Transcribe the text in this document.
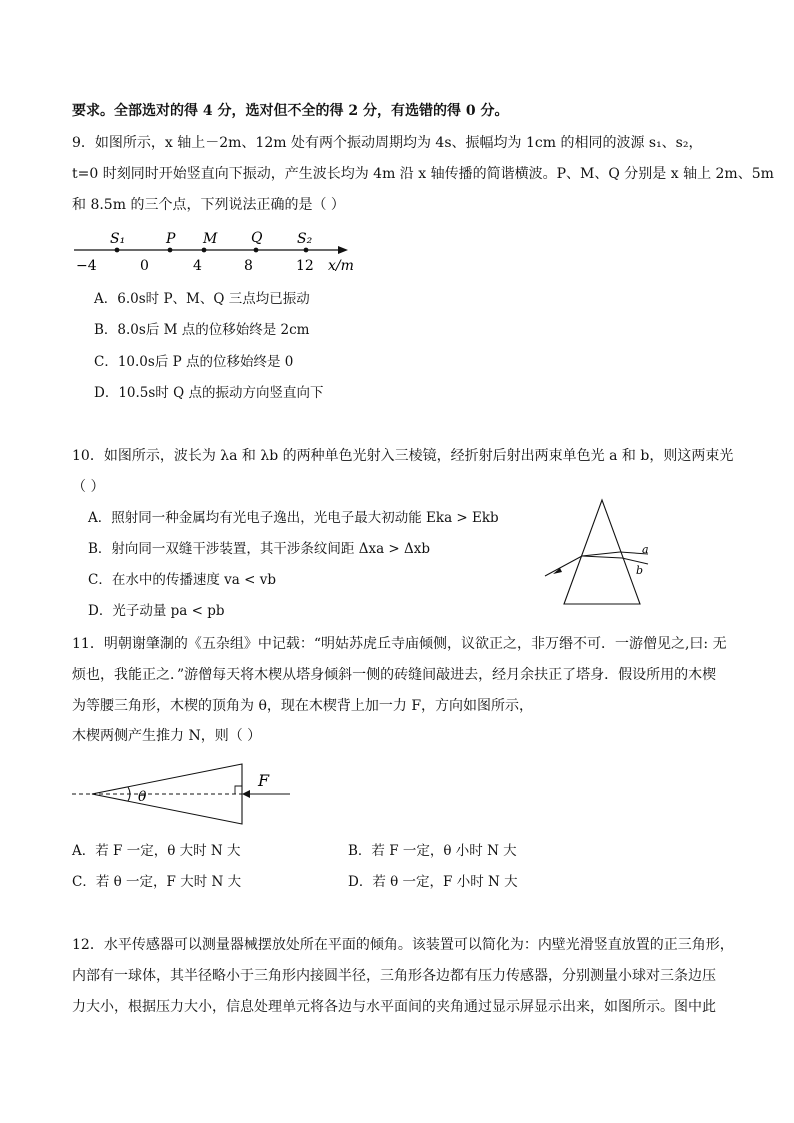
要求。全部选对的得 4 分，选对但不全的得 2 分，有选错的得 0 分。
9．如图所示，x 轴上－2m、12m 处有两个振动周期均为 4s、振幅均为 1cm 的相同的波源 s₁、s₂，
t=0 时刻同时开始竖直向下振动，产生波长均为 4m 沿 x 轴传播的简谐横波。P、M、Q 分别是 x 轴上 2m、5m
和 8.5m 的三个点，下列说法正确的是（ ）
S₁	P M Q S₂
−4	0	4	8	12 x/m
A．6.0s时 P、M、Q 三点均已振动
B．8.0s后 M 点的位移始终是 2cm
C．10.0s后 P 点的位移始终是 0
D．10.5s时 Q 点的振动方向竖直向下
10．如图所示，波长为 λa 和 λb 的两种单色光射入三棱镜，经折射后射出两束单色光 a 和 b，则这两束光
（ ）
A．照射同一种金属均有光电子逸出，光电子最大初动能 Eka > Ekb
B．射向同一双缝干涉装置，其干涉条纹间距 Δxa > Δxb
C．在水中的传播速度 va < vb
D．光子动量 pa < pb
a
b
11．明朝谢肇淛的《五杂组》中记载：“明姑苏虎丘寺庙倾侧，议欲正之，非万缗不可．一游僧见之,曰: 无
烦也，我能正之．”游僧每天将木楔从塔身倾斜一侧的砖缝间敲进去，经月余扶正了塔身．假设所用的木楔
为等腰三角形，木楔的顶角为 θ，现在木楔背上加一力 F，方向如图所示，
木楔两侧产生推力 N，则（ ）
θ
F
A．若 F 一定，θ 大时 N 大	B．若 F 一定，θ 小时 N 大
C．若 θ 一定，F 大时 N 大	D．若 θ 一定，F 小时 N 大
12．水平传感器可以测量器械摆放处所在平面的倾角。该装置可以简化为：内壁光滑竖直放置的正三角形，
内部有一球体，其半径略小于三角形内接圆半径，三角形各边都有压力传感器，分别测量小球对三条边压
力大小，根据压力大小，信息处理单元将各边与水平面间的夹角通过显示屏显示出来，如图所示。图中此
